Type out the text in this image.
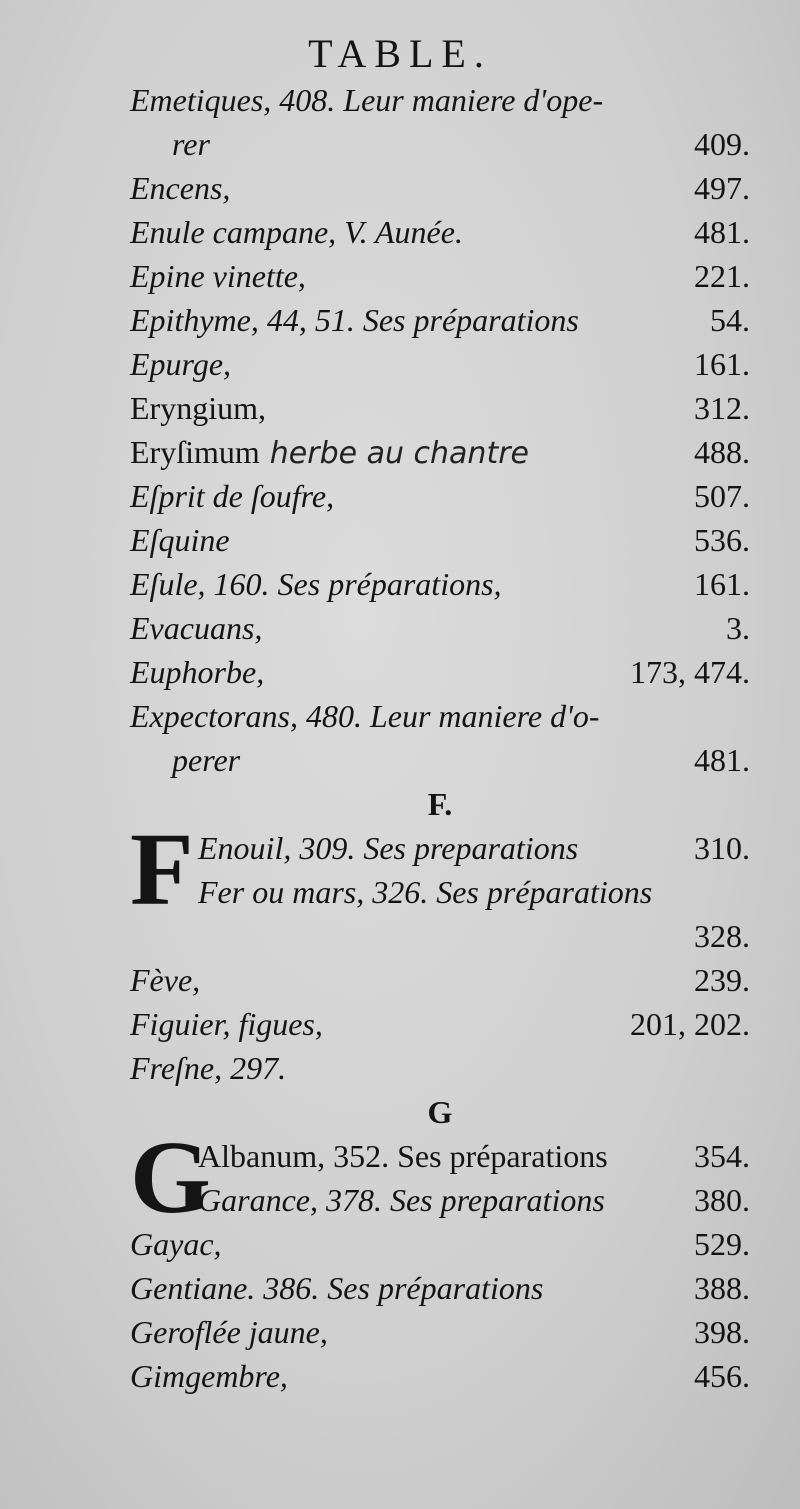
TABLE.
Emetiques, 408. Leur maniere d'ope-
rer	409.
Encens,	497.
Enule campane, V. Aunée.	481.
Epine vinette,	221.
Epithyme, 44, 51. Ses préparations	54.
Epurge,	161.
Eryngium,	312.
Eryſimum herbe au chantre	488.
Eſprit de ſoufre,	507.
Eſquine	536.
Eſule, 160. Ses préparations,	161.
Evacuans,	3.
Euphorbe,	173, 474.
Expectorans, 480. Leur maniere d'o-
perer	481.
F.
F Enouil, 309. Ses preparations	310.
Fer ou mars, 326. Ses préparations
328.
Fève,	239.
Figuier, figues,	201, 202.
Freſne, 297.
G
G
Albanum, 352. Ses préparations	354.
Garance, 378. Ses preparations	380.
Gayac,	529.
Gentiane. 386. Ses préparations	388.
Geroflée jaune,	398.
Gimgembre,	456.
